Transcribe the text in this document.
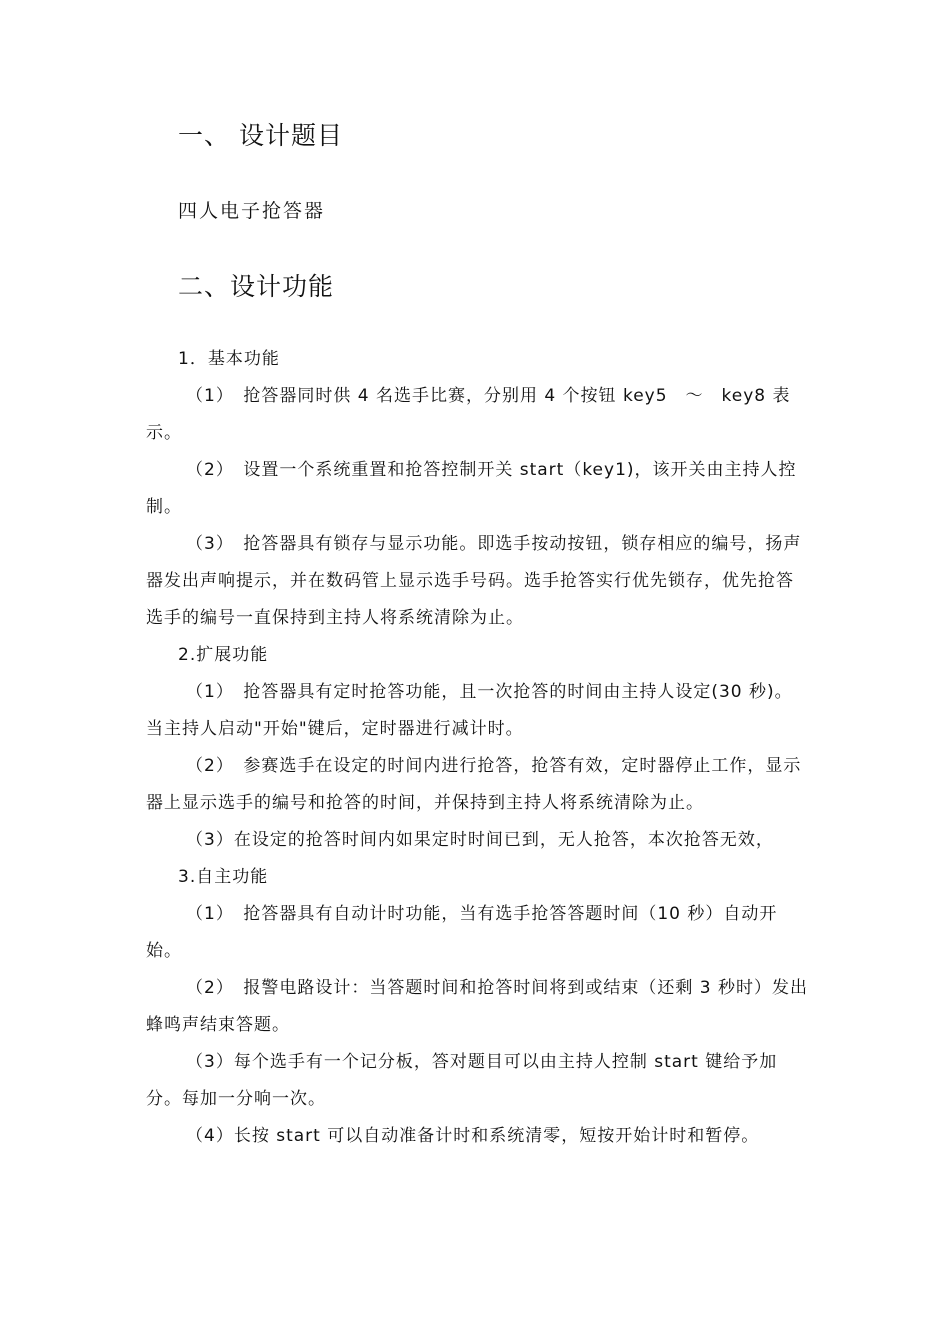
一、 设计题目
四人电子抢答器
二、设计功能

1．基本功能

（1）　抢答器同时供 4 名选手比赛，分别用 4 个按钮 key5　～　key8 表示。

（2）　设置一个系统重置和抢答控制开关 start（key1)，该开关由主持人控制。

（3）　抢答器具有锁存与显示功能。即选手按动按钮，锁存相应的编号，扬声器发出声响提示，并在数码管上显示选手号码。选手抢答实行优先锁存，优先抢答选手的编号一直保持到主持人将系统清除为止。

2.扩展功能

（1）　抢答器具有定时抢答功能，且一次抢答的时间由主持人设定(30 秒)。当主持人启动"开始"键后，定时器进行减计时。

（2）　参赛选手在设定的时间内进行抢答，抢答有效，定时器停止工作，显示器上显示选手的编号和抢答的时间，并保持到主持人将系统清除为止。

（3）在设定的抢答时间内如果定时时间已到，无人抢答，本次抢答无效，

3.自主功能

（1）　抢答器具有自动计时功能，当有选手抢答答题时间（10 秒）自动开始。

（2）　报警电路设计：当答题时间和抢答时间将到或结束（还剩 3 秒时）发出蜂鸣声结束答题。

（3）每个选手有一个记分板，答对题目可以由主持人控制 start 键给予加分。每加一分响一次。

（4）长按 start 可以自动准备计时和系统清零，短按开始计时和暂停。
